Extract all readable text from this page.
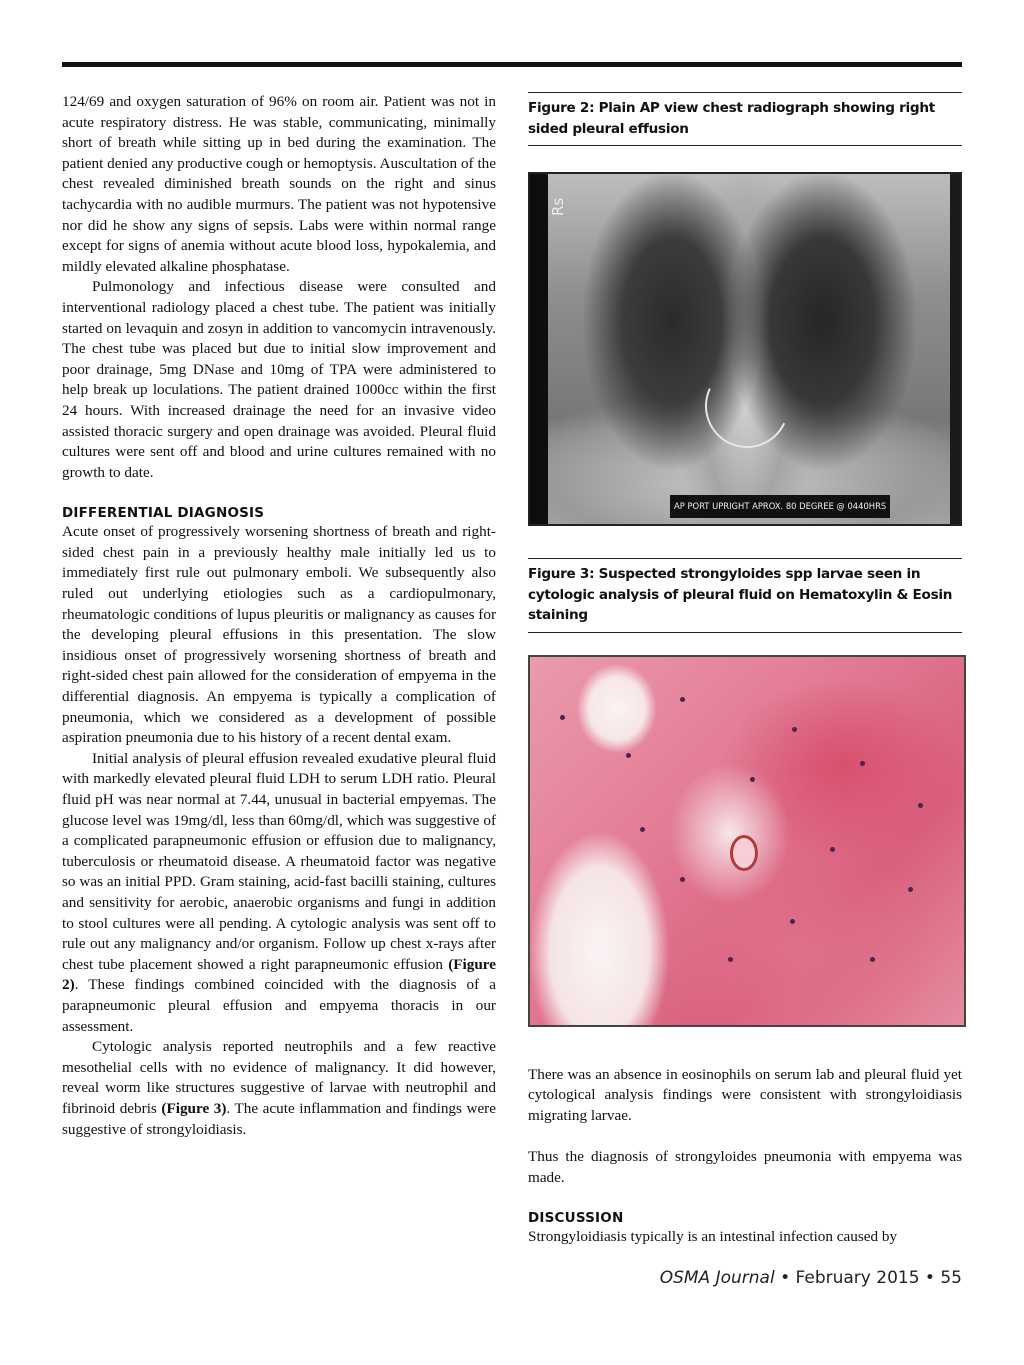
124/69 and oxygen saturation of 96% on room air. Patient was not in acute respiratory distress. He was stable, communicating, minimally short of breath while sitting up in bed during the examination. The patient denied any productive cough or hemoptysis. Auscultation of the chest revealed diminished breath sounds on the right and sinus tachycardia with no audible murmurs. The patient was not hypotensive nor did he show any signs of sepsis. Labs were within normal range except for signs of anemia without acute blood loss, hypokalemia, and mildly elevated alkaline phosphatase.

Pulmonology and infectious disease were consulted and interventional radiology placed a chest tube. The patient was initially started on levaquin and zosyn in addition to vancomycin intravenously. The chest tube was placed but due to initial slow improvement and poor drainage, 5mg DNase and 10mg of TPA were administered to help break up loculations. The patient drained 1000cc within the first 24 hours. With increased drainage the need for an invasive video assisted thoracic surgery and open drainage was avoided. Pleural fluid cultures were sent off and blood and urine cultures remained with no growth to date.

DIFFERENTIAL DIAGNOSIS

Acute onset of progressively worsening shortness of breath and right-sided chest pain in a previously healthy male initially led us to immediately first rule out pulmonary emboli. We subsequently also ruled out underlying etiologies such as a cardiopulmonary, rheumatologic conditions of lupus pleuritis or malignancy as causes for the developing pleural effusions in this presentation. The slow insidious onset of progressively worsening shortness of breath and right-sided chest pain allowed for the consideration of empyema in the differential diagnosis. An empyema is typically a complication of pneumonia, which we considered as a development of possible aspiration pneumonia due to his history of a recent dental exam.

Initial analysis of pleural effusion revealed exudative pleural fluid with markedly elevated pleural fluid LDH to serum LDH ratio. Pleural fluid pH was near normal at 7.44, unusual in bacterial empyemas. The glucose level was 19mg/dl, less than 60mg/dl, which was suggestive of a complicated parapneumonic effusion or effusion due to malignancy, tuberculosis or rheumatoid disease. A rheumatoid factor was negative so was an initial PPD. Gram staining, acid-fast bacilli staining, cultures and sensitivity for aerobic, anaerobic organisms and fungi in addition to stool cultures were all pending. A cytologic analysis was sent off to rule out any malignancy and/or organism. Follow up chest x-rays after chest tube placement showed a right parapneumonic effusion (Figure 2). These findings combined coincided with the diagnosis of a parapneumonic pleural effusion and empyema thoracis in our assessment.

Cytologic analysis reported neutrophils and a few reactive mesothelial cells with no evidence of malignancy. It did however, reveal worm like structures suggestive of larvae with neutrophil and fibrinoid debris (Figure 3). The acute inflammation and findings were suggestive of strongyloidiasis.

Figure 2: Plain AP view chest radiograph showing right sided pleural effusion
Rs
AP PORT UPRIGHT APROX. 80 DEGREE @ 0440HRS
Figure 3: Suspected strongyloides spp larvae seen in cytologic analysis of pleural fluid on Hematoxylin & Eosin staining

There was an absence in eosinophils on serum lab and pleural fluid yet cytological analysis findings were consistent with strongyloidiasis migrating larvae.

Thus the diagnosis of strongyloides pneumonia with empyema was made.

DISCUSSION

Strongyloidiasis typically is an intestinal infection caused by

OSMA Journal • February 2015 • 55
